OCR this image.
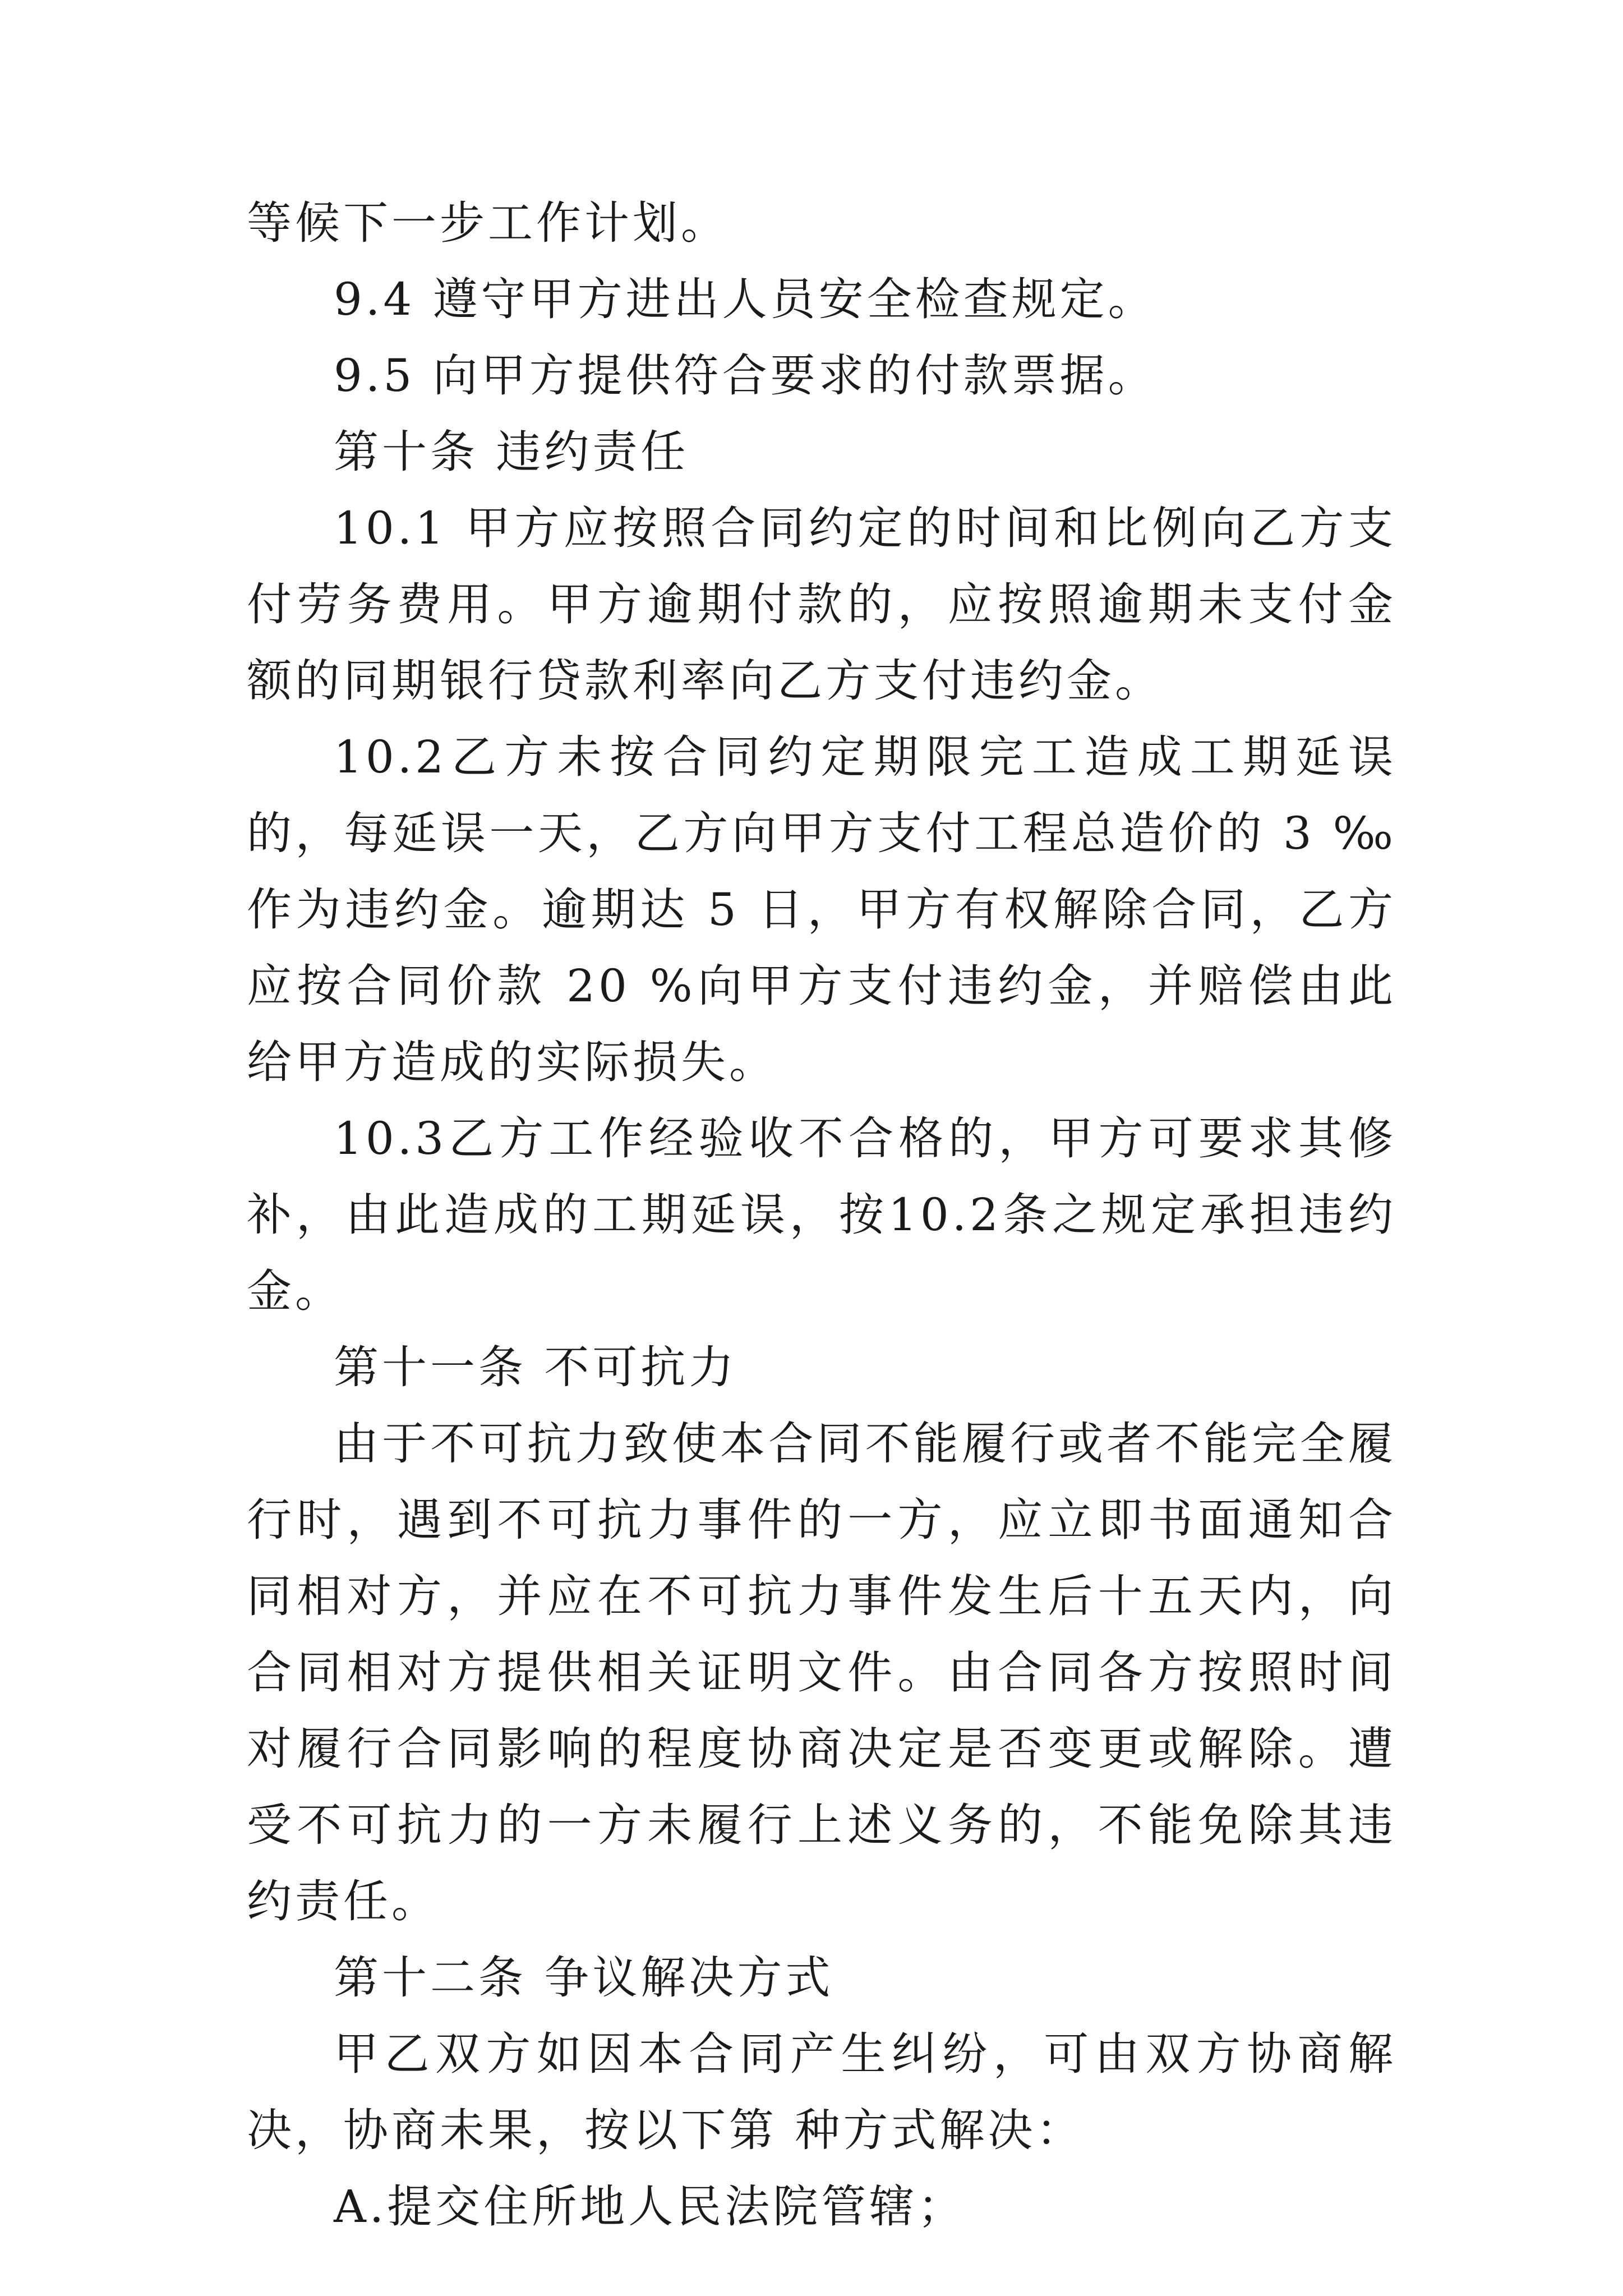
等候下一步工作计划。

9.4 遵守甲方进出人员安全检查规定。

9.5 向甲方提供符合要求的付款票据。

第十条 违约责任

10.1 甲方应按照合同约定的时间和比例向乙方支付劳务费用。甲方逾期付款的，应按照逾期未支付金额的同期银行贷款利率向乙方支付违约金。

10.2乙方未按合同约定期限完工造成工期延误的，每延误一天，乙方向甲方支付工程总造价的 3 ‰作为违约金。逾期达 5 日，甲方有权解除合同，乙方应按合同价款 20 %向甲方支付违约金，并赔偿由此给甲方造成的实际损失。

10.3乙方工作经验收不合格的，甲方可要求其修补，由此造成的工期延误，按10.2条之规定承担违约金。

第十一条 不可抗力

由于不可抗力致使本合同不能履行或者不能完全履行时，遇到不可抗力事件的一方，应立即书面通知合同相对方，并应在不可抗力事件发生后十五天内，向合同相对方提供相关证明文件。由合同各方按照时间对履行合同影响的程度协商决定是否变更或解除。遭受不可抗力的一方未履行上述义务的，不能免除其违约责任。

第十二条 争议解决方式

甲乙双方如因本合同产生纠纷，可由双方协商解决，协商未果，按以下第 种方式解决：

A.提交住所地人民法院管辖；
